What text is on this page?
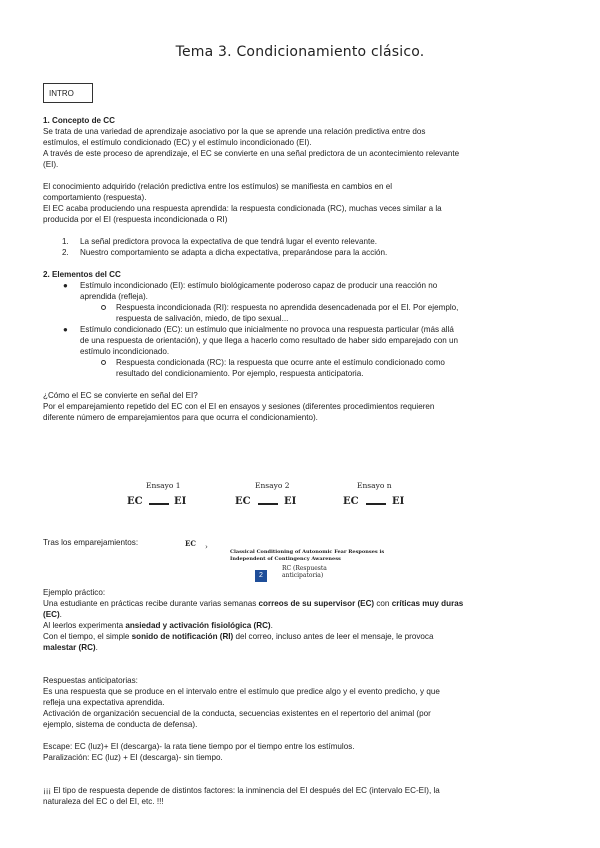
Tema 3. Condicionamiento clásico.
INTRO
1. Concepto de CC
Se trata de una variedad de aprendizaje asociativo por la que se aprende una relación predictiva entre dos
estímulos, el estímulo condicionado (EC) y el estímulo incondicionado (EI).
A través de este proceso de aprendizaje, el EC se convierte en una señal predictora de un acontecimiento relevante
(EI).
El conocimiento adquirido (relación predictiva entre los estímulos) se manifiesta en cambios en el
comportamiento (respuesta).
El EC acaba produciendo una respuesta aprendida: la respuesta condicionada (RC), muchas veces similar a la
producida por el EI (respuesta incondicionada o RI)
1. La señal predictora provoca la expectativa de que tendrá lugar el evento relevante.
2. Nuestro comportamiento se adapta a dicha expectativa, preparándose para la acción.
2. Elementos del CC
● Estímulo incondicionado (EI): estímulo biológicamente poderoso capaz de producir una reacción no
aprendida (refleja).
Respuesta incondicionada (RI): respuesta no aprendida desencadenada por el EI. Por ejemplo,
respuesta de salivación, miedo, de tipo sexual...
● Estímulo condicionado (EC): un estímulo que inicialmente no provoca una respuesta particular (más allá
de una respuesta de orientación), y que llega a hacerlo como resultado de haber sido emparejado con un
estímulo incondicionado.
Respuesta condicionada (RC): la respuesta que ocurre ante el estímulo condicionado como
resultado del condicionamiento. Por ejemplo, respuesta anticipatoria.
¿Cómo el EC se convierte en señal del EI?
Por el emparejamiento repetido del EC con el EI en ensayos y sesiones (diferentes procedimientos requieren
diferente número de emparejamientos para que ocurra el condicionamiento).
Ensayo 1
EC	EI
Ensayo 2
EC	EI
Ensayo n
EC	EI
Tras los emparejamientos:	EC ›
Classical Conditioning of Autonomic Fear Responses is
Independent of Contingency Awareness
2
RC (Respuesta
anticipatoria)
Ejemplo práctico:
Una estudiante en prácticas recibe durante varias semanas correos de su supervisor (EC) con críticas muy duras
(EC).
Al leerlos experimenta ansiedad y activación fisiológica (RC).
Con el tiempo, el simple sonido de notificación (RI) del correo, incluso antes de leer el mensaje, le provoca
malestar (RC).
Respuestas anticipatorias:
Es una respuesta que se produce en el intervalo entre el estímulo que predice algo y el evento predicho, y que
refleja una expectativa aprendida.
Activación de organización secuencial de la conducta, secuencias existentes en el repertorio del animal (por
ejemplo, sistema de conducta de defensa).
Escape: EC (luz)+ EI (descarga)- la rata tiene tiempo por el tiempo entre los estímulos.
Paralización: EC (luz) + EI (descarga)- sin tiempo.
¡¡¡ El tipo de respuesta depende de distintos factores: la inminencia del EI después del EC (intervalo EC-EI), la
naturaleza del EC o del EI, etc. !!!
